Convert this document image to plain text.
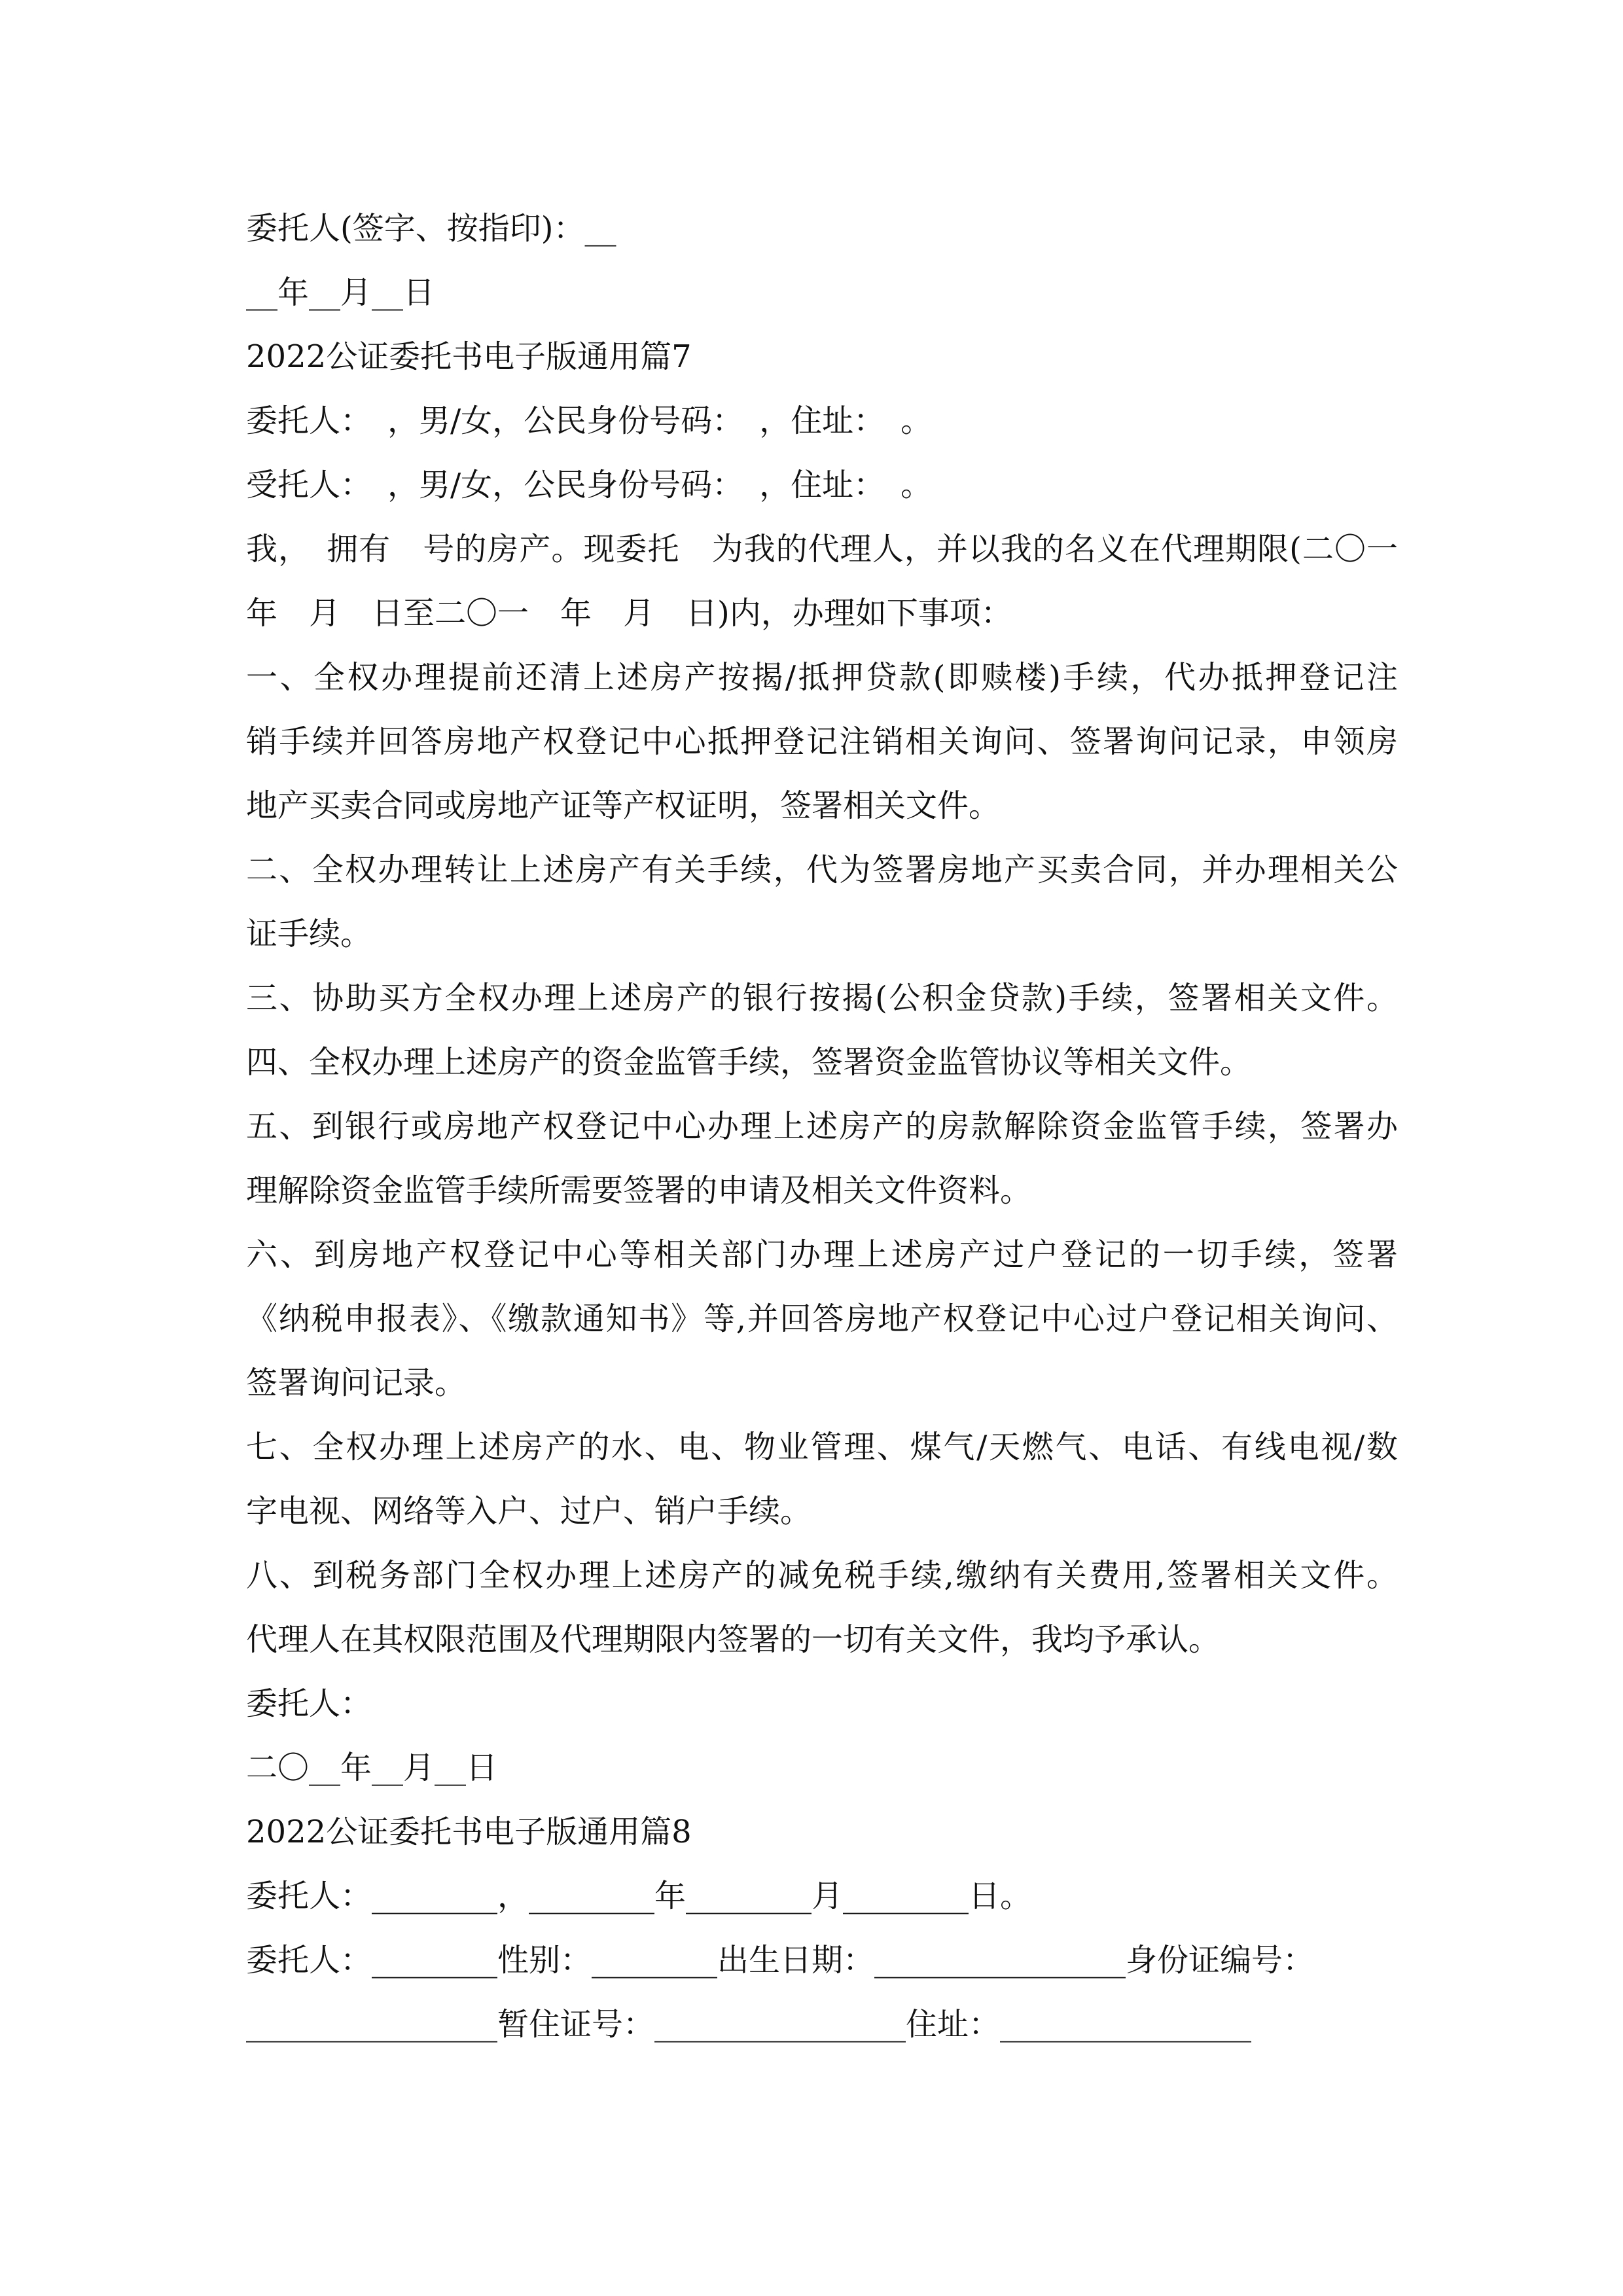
委托人(签字、按指印)：__
__年__月__日
2022公证委托书电子版通用篇7
委托人：　，男/女，公民身份号码：　，住址：　。
受托人：　，男/女，公民身份号码：　，住址：　。
我，　拥有　号的房产。现委托　为我的代理人，并以我的名义在代理期限(二〇一
年　月　日至二〇一　年　月　日)内，办理如下事项：
一、全权办理提前还清上述房产按揭/抵押贷款(即赎楼)手续，代办抵押登记注
销手续并回答房地产权登记中心抵押登记注销相关询问、签署询问记录，申领房
地产买卖合同或房地产证等产权证明，签署相关文件。
二、全权办理转让上述房产有关手续，代为签署房地产买卖合同，并办理相关公
证手续。
三、协助买方全权办理上述房产的银行按揭(公积金贷款)手续，签署相关文件。
四、全权办理上述房产的资金监管手续，签署资金监管协议等相关文件。
五、到银行或房地产权登记中心办理上述房产的房款解除资金监管手续，签署办
理解除资金监管手续所需要签署的申请及相关文件资料。
六、到房地产权登记中心等相关部门办理上述房产过户登记的一切手续，签署
《纳税申报表》、《缴款通知书》等,并回答房地产权登记中心过户登记相关询问、
签署询问记录。
七、全权办理上述房产的水、电、物业管理、煤气/天燃气、电话、有线电视/数
字电视、网络等入户、过户、销户手续。
八、到税务部门全权办理上述房产的减免税手续,缴纳有关费用,签署相关文件。
代理人在其权限范围及代理期限内签署的一切有关文件，我均予承认。
委托人：
二〇__年__月__日
2022公证委托书电子版通用篇8
委托人：________，________年________月________日。
委托人：________性别：________出生日期：________________身份证编号：
________________暂住证号：________________住址：________________
